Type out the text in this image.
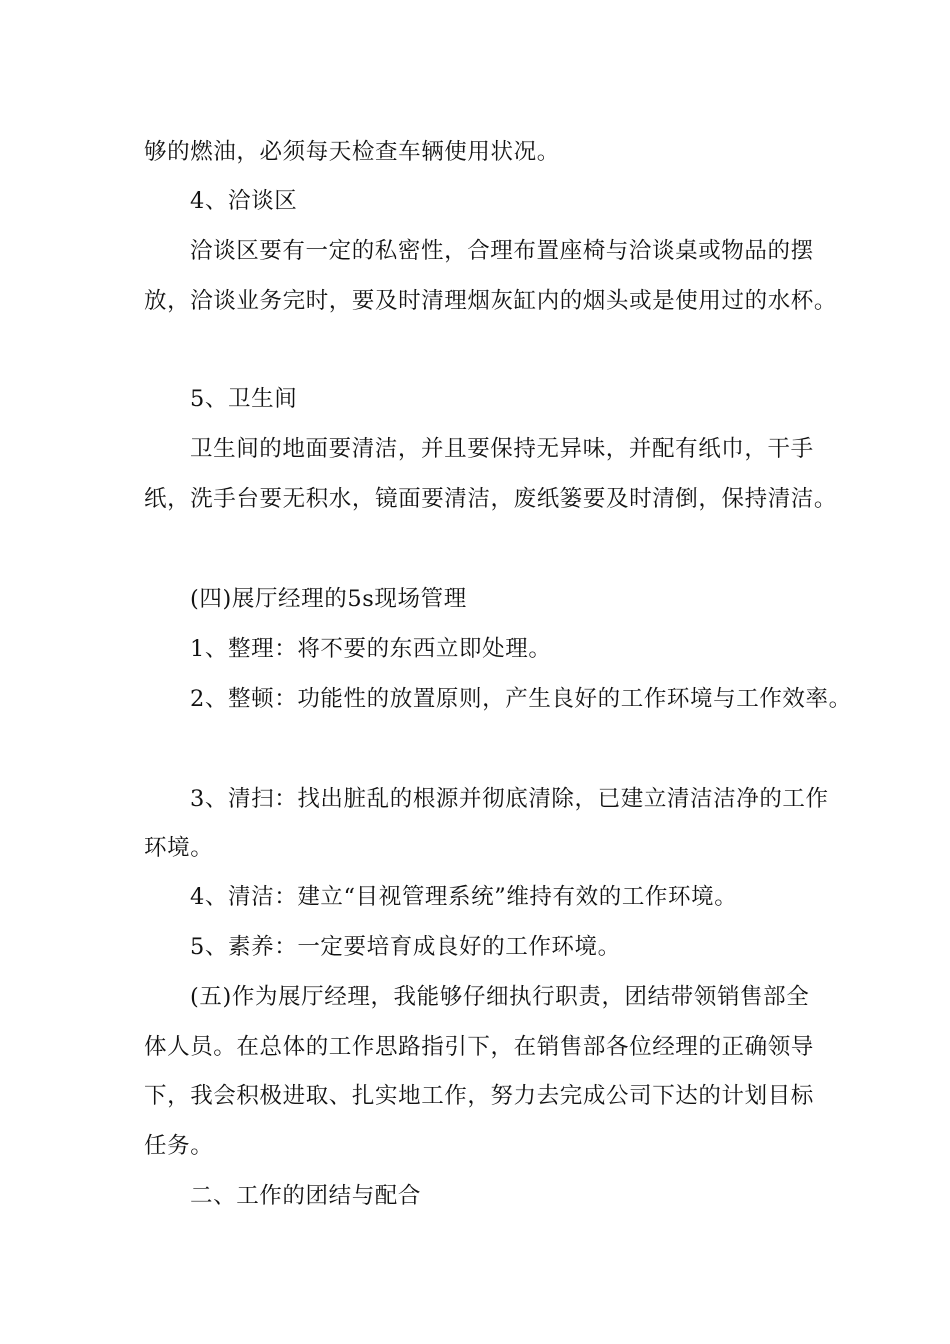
够的燃油，必须每天检查车辆使用状况。
4、洽谈区
洽谈区要有一定的私密性，合理布置座椅与洽谈桌或物品的摆
放，洽谈业务完时，要及时清理烟灰缸内的烟头或是使用过的水杯。
5、卫生间
卫生间的地面要清洁，并且要保持无异味，并配有纸巾，干手
纸，洗手台要无积水，镜面要清洁，废纸篓要及时清倒，保持清洁。
(四)展厅经理的5s现场管理
1、整理：将不要的东西立即处理。
2、整顿：功能性的放置原则，产生良好的工作环境与工作效率。
3、清扫：找出脏乱的根源并彻底清除，已建立清洁洁净的工作
环境。
4、清洁：建立“目视管理系统”维持有效的工作环境。
5、素养：一定要培育成良好的工作环境。
(五)作为展厅经理，我能够仔细执行职责，团结带领销售部全
体人员。在总体的工作思路指引下，在销售部各位经理的正确领导
下，我会积极进取、扎实地工作，努力去完成公司下达的计划目标
任务。
二、工作的团结与配合
